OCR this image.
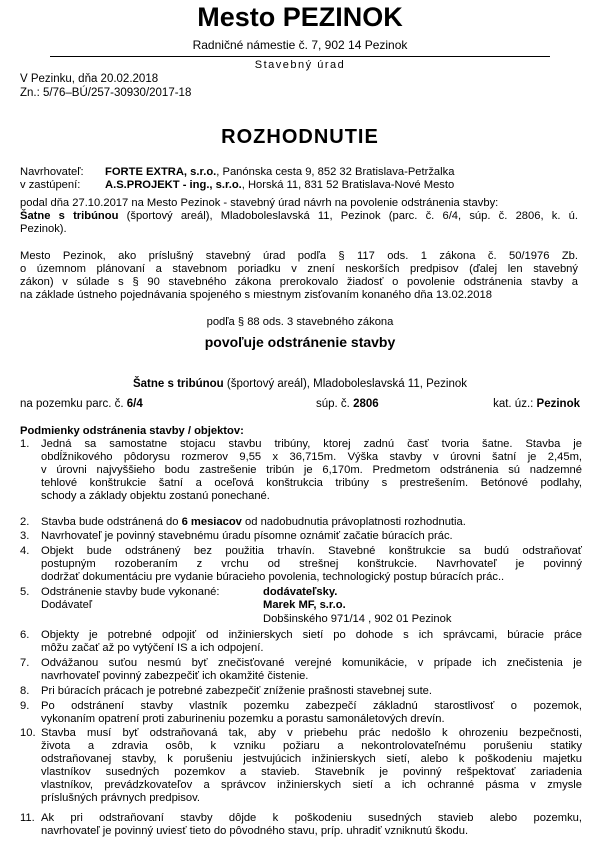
Mesto PEZINOK
Radničné námestie č. 7, 902 14 Pezinok
Stavebný úrad
V Pezinku, dňa 20.02.2018
Zn.: 5/76–BÚ/257-30930/2017-18
ROZHODNUTIE
Navrhovateľ: FORTE EXTRA, s.r.o., Panónska cesta 9, 852 32 Bratislava-Petržalka
v zastúpení: A.S.PROJEKT - ing., s.r.o., Horská 11, 831 52 Bratislava-Nové Mesto
podal dňa 27.10.2017 na Mesto Pezinok - stavebný úrad návrh na povolenie odstránenia stavby:
Šatne s tribúnou (športový areál), Mladoboleslavská 11, Pezinok (parc. č. 6/4, súp. č. 2806, k. ú.
Pezinok).
Mesto Pezinok, ako príslušný stavebný úrad podľa § 117 ods. 1 zákona č. 50/1976 Zb.
o územnom plánovaní a stavebnom poriadku v znení neskorších predpisov (ďalej len stavebný
zákon) v súlade s § 90 stavebného zákona prerokovalo žiadosť o povolenie odstránenia stavby a
na základe ústneho pojednávania spojeného s miestnym zisťovaním konaného dňa 13.02.2018
podľa § 88 ods. 3 stavebného zákona
povoľuje odstránenie stavby
Šatne s tribúnou (športový areál), Mladoboleslavská 11, Pezinok
na pozemku parc. č. 6/4	súp. č. 2806	kat. úz.: Pezinok
Podmienky odstránenia stavby / objektov:
1. Jedná sa samostatne stojacu stavbu tribúny, ktorej zadnú časť tvoria šatne. Stavba je
obdĺžnikového pôdorysu rozmerov 9,55 x 36,715m. Výška stavby v úrovni šatní je 2,45m,
v úrovni najvyššieho bodu zastrešenie tribún je 6,170m. Predmetom odstránenia sú nadzemné
tehlové konštrukcie šatní a oceľová konštrukcia tribúny s prestrešením. Betónové podlahy,
schody a základy objektu zostanú ponechané.
2. Stavba bude odstránená do 6 mesiacov od nadobudnutia právoplatnosti rozhodnutia.
3. Navrhovateľ je povinný stavebnému úradu písomne oznámiť začatie búracích prác.
4. Objekt bude odstránený bez použitia trhavín. Stavebné konštrukcie sa budú odstraňovať
postupným rozoberaním z vrchu od strešnej konštrukcie. Navrhovateľ je povinný
dodržať dokumentáciu pre vydanie búracieho povolenia, technologický postup búracích prác..
5. Odstránenie stavby bude vykonané:	dodávateľsky.
Dodávateľ	Marek MF, s.r.o.
Dobšinského 971/14 , 902 01 Pezinok
6. Objekty je potrebné odpojiť od inžinierskych sietí po dohode s ich správcami, búracie práce
môžu začať až po vytýčení IS a ich odpojení.
7. Odvážanou suťou nesmú byť znečisťované verejné komunikácie, v prípade ich znečistenia je
navrhovateľ povinný zabezpečiť ich okamžité čistenie.
8. Pri búracích prácach je potrebné zabezpečiť zníženie prašnosti stavebnej sute.
9. Po odstránení stavby vlastník pozemku zabezpečí základnú starostlivosť o pozemok,
vykonaním opatrení proti zaburineniu pozemku a porastu samonáletových drevín.
10. Stavba musí byť odstraňovaná tak, aby v priebehu prác nedošlo k ohrozeniu bezpečnosti,
života a zdravia osôb, k vzniku požiaru a nekontrolovateľnému porušeniu statiky
odstraňovanej stavby, k porušeniu jestvujúcich inžinierskych sietí, alebo k poškodeniu majetku
vlastníkov susedných pozemkov a stavieb. Stavebník je povinný rešpektovať zariadenia
vlastníkov, prevádzkovateľov a správcov inžinierskych sietí a ich ochranné pásma v zmysle
príslušných právnych predpisov.
11. Ak pri odstraňovaní stavby dôjde k poškodeniu susedných stavieb alebo pozemku,
navrhovateľ je povinný uviesť tieto do pôvodného stavu, príp. uhradiť vzniknutú škodu.
